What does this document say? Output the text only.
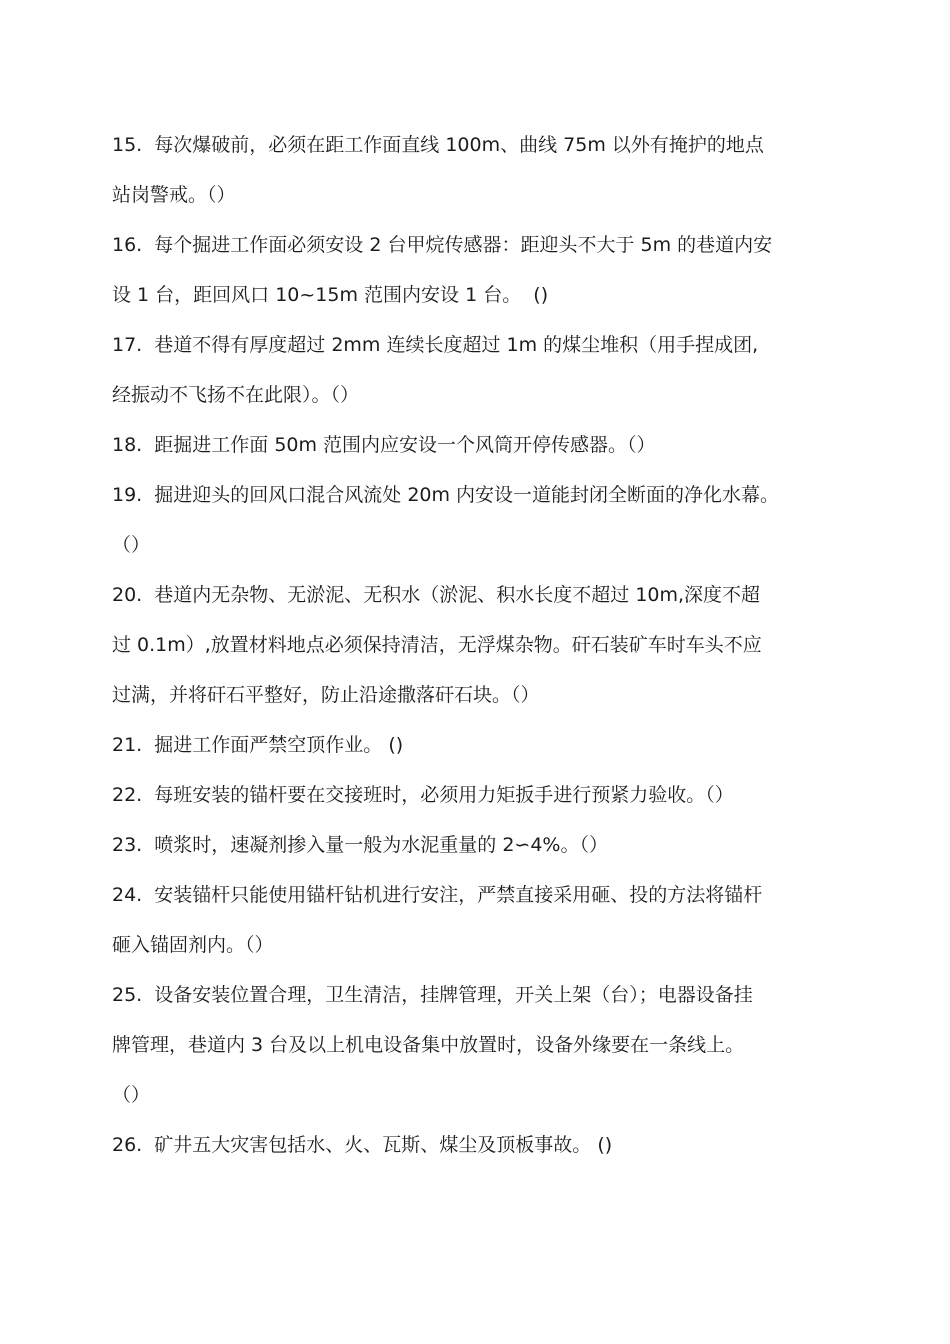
15.  每次爆破前，必须在距工作面直线 100m、曲线 75m 以外有掩护的地点
站岗警戒。（）
16.  每个掘进工作面必须安设 2 台甲烷传感器：距迎头不大于 5m 的巷道内安
设 1 台，距回风口 10~15m 范围内安设 1 台。  ()
17.  巷道不得有厚度超过 2mm 连续长度超过 1m 的煤尘堆积（用手捏成团,
经振动不飞扬不在此限）。（）
18.  距掘进工作面 50m 范围内应安设一个风筒开停传感器。（）
19.  掘进迎头的回风口混合风流处 20m 内安设一道能封闭全断面的净化水幕。
（）
20.  巷道内无杂物、无淤泥、无积水（淤泥、积水长度不超过 10m,深度不超
过 0.1m）,放置材料地点必须保持清洁，无浮煤杂物。矸石装矿车时车头不应
过满，并将矸石平整好，防止沿途撒落矸石块。（）
21.  掘进工作面严禁空顶作业。 ()
22.  每班安装的锚杆要在交接班时，必须用力矩扳手进行预紧力验收。（）
23.  喷浆时，速凝剂掺入量一般为水泥重量的 2∽4%。（）
24.  安装锚杆只能使用锚杆钻机进行安注，严禁直接采用砸、投的方法将锚杆
砸入锚固剂内。（）
25.  设备安装位置合理，卫生清洁，挂牌管理，开关上架（台）；电器设备挂
牌管理，巷道内 3 台及以上机电设备集中放置时，设备外缘要在一条线上。
（）
26.  矿井五大灾害包括水、火、瓦斯、煤尘及顶板事故。 ()
